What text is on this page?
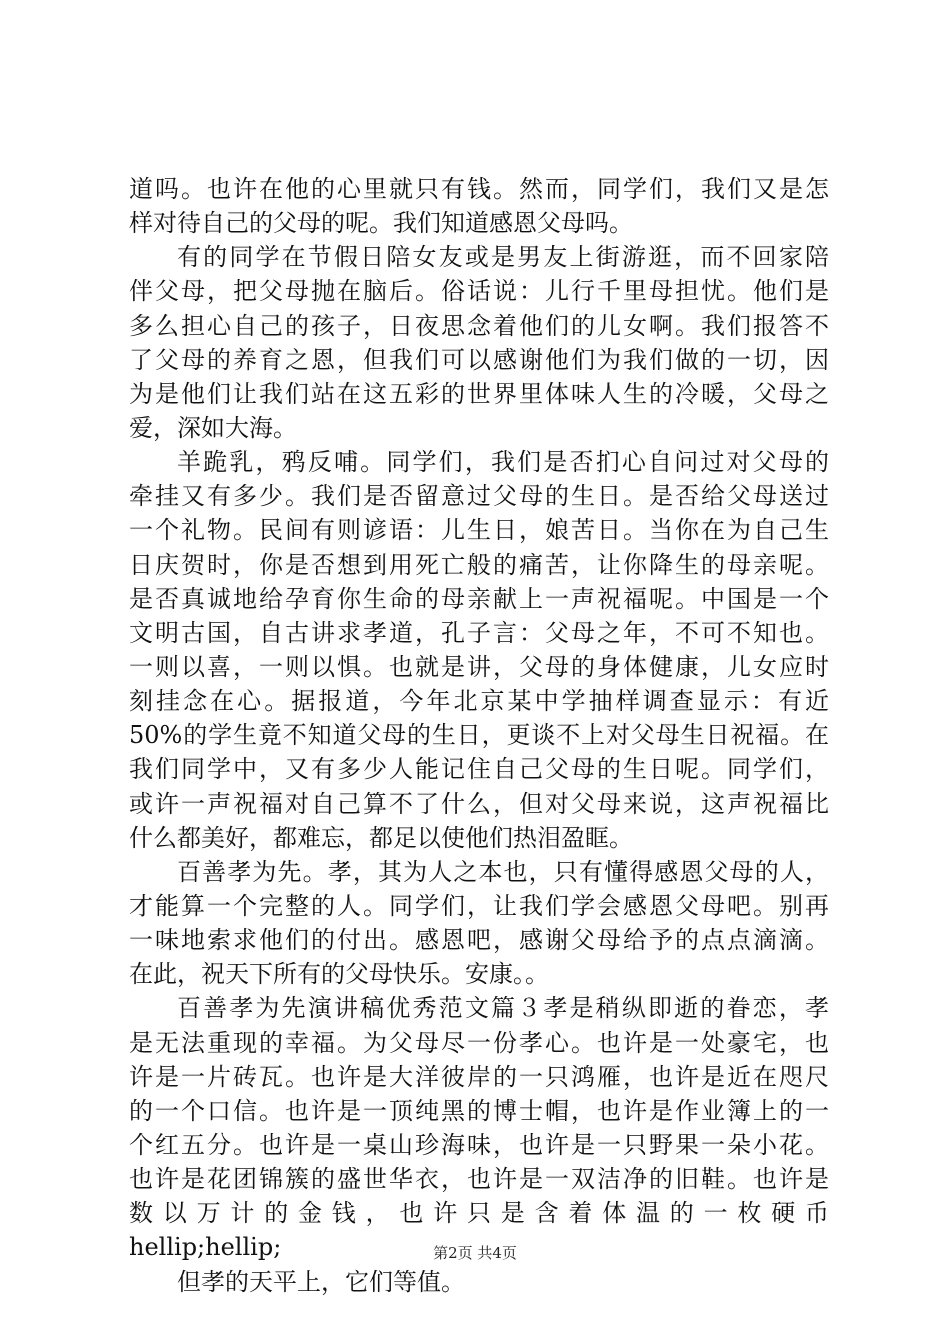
道吗。也许在他的心里就只有钱。然而，同学们，我们又是怎
样对待自己的父母的呢。我们知道感恩父母吗。
有的同学在节假日陪女友或是男友上街游逛，而不回家陪
伴父母，把父母抛在脑后。俗话说：儿行千里母担忧。他们是
多么担心自己的孩子，日夜思念着他们的儿女啊。我们报答不
了父母的养育之恩，但我们可以感谢他们为我们做的一切，因
为是他们让我们站在这五彩的世界里体味人生的冷暖，父母之
爱，深如大海。
羊跪乳，鸦反哺。同学们，我们是否扪心自问过对父母的
牵挂又有多少。我们是否留意过父母的生日。是否给父母送过
一个礼物。民间有则谚语：儿生日，娘苦日。当你在为自己生
日庆贺时，你是否想到用死亡般的痛苦，让你降生的母亲呢。
是否真诚地给孕育你生命的母亲献上一声祝福呢。中国是一个
文明古国，自古讲求孝道，孔子言：父母之年，不可不知也。
一则以喜，一则以惧。也就是讲，父母的身体健康，儿女应时
刻挂念在心。据报道，今年北京某中学抽样调查显示：有近
50%的学生竟不知道父母的生日，更谈不上对父母生日祝福。在
我们同学中，又有多少人能记住自己父母的生日呢。同学们，
或许一声祝福对自己算不了什么，但对父母来说，这声祝福比
什么都美好，都难忘，都足以使他们热泪盈眶。
百善孝为先。孝，其为人之本也，只有懂得感恩父母的人，
才能算一个完整的人。同学们，让我们学会感恩父母吧。别再
一味地索求他们的付出。感恩吧，感谢父母给予的点点滴滴。
在此，祝天下所有的父母快乐。安康。。
百善孝为先演讲稿优秀范文篇３孝是稍纵即逝的眷恋，孝
是无法重现的幸福。为父母尽一份孝心。也许是一处豪宅，也
许是一片砖瓦。也许是大洋彼岸的一只鸿雁，也许是近在咫尺
的一个口信。也许是一顶纯黑的博士帽，也许是作业簿上的一
个红五分。也许是一桌山珍海味，也许是一只野果一朵小花。
也许是花团锦簇的盛世华衣，也许是一双洁净的旧鞋。也许是
数以万计的金钱，也许只是含着体温的一枚硬币
hellip;hellip;
但孝的天平上，它们等值。
第2页 共4页
